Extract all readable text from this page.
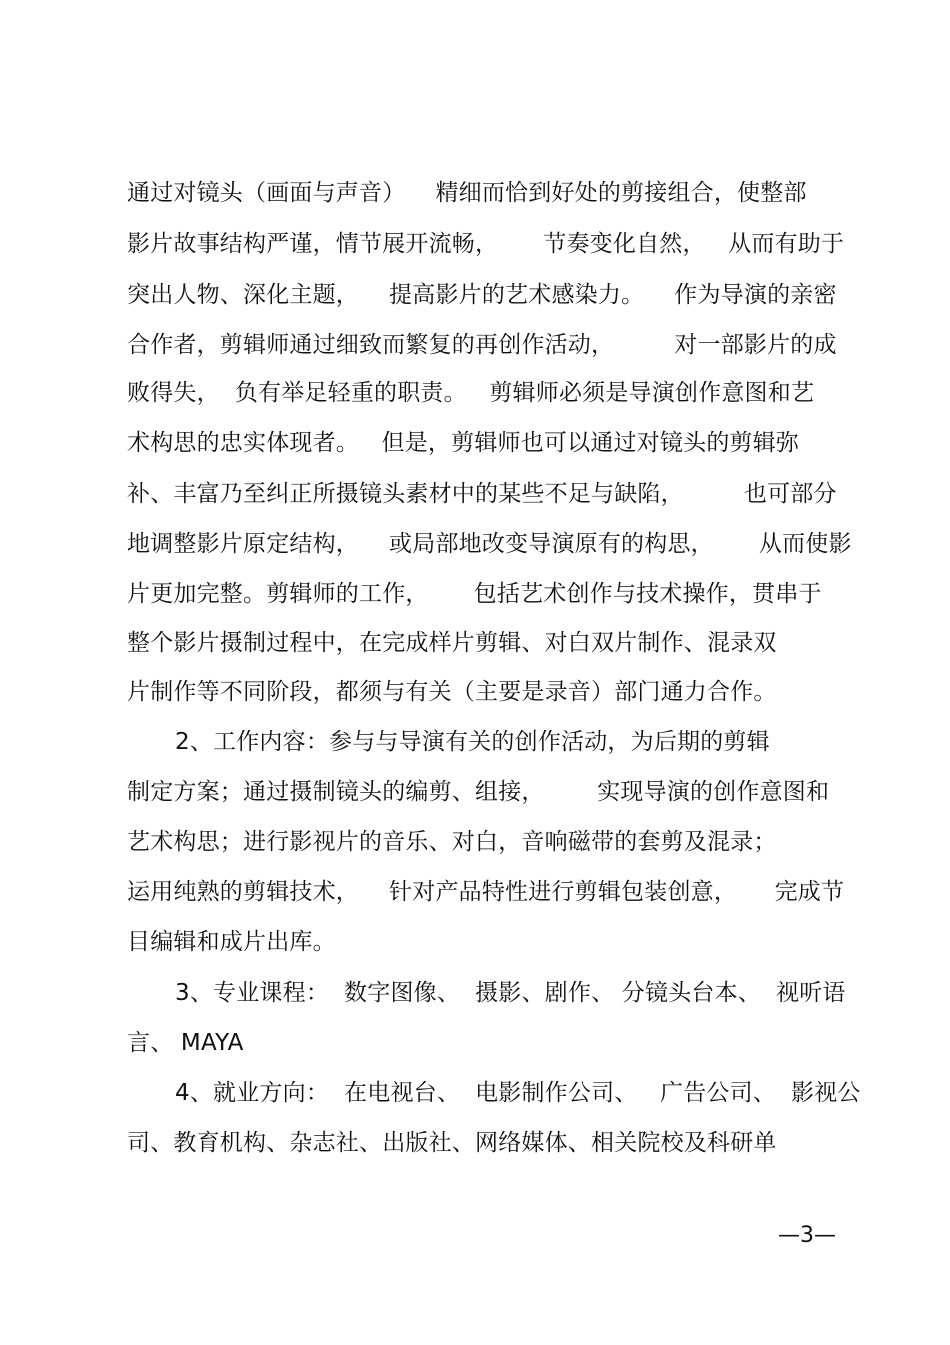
通过对镜头（画面与声音）    精细而恰到好处的剪接组合，使整部
影片故事结构严谨，情节展开流畅，      节奏变化自然，   从而有助于
突出人物、深化主题，    提高影片的艺术感染力。    作为导演的亲密
合作者，剪辑师通过细致而繁复的再创作活动，        对一部影片的成
败得失，  负有举足轻重的职责。   剪辑师必须是导演创作意图和艺
术构思的忠实体现者。   但是，剪辑师也可以通过对镜头的剪辑弥
补、丰富乃至纠正所摄镜头素材中的某些不足与缺陷，        也可部分
地调整影片原定结构，    或局部地改变导演原有的构思，      从而使影
片更加完整。剪辑师的工作，      包括艺术创作与技术操作，贯串于
整个影片摄制过程中，在完成样片剪辑、对白双片制作、混录双
片制作等不同阶段，都须与有关（主要是录音）部门通力合作。
2、工作内容：参与与导演有关的创作活动，为后期的剪辑
制定方案；通过摄制镜头的编剪、组接，       实现导演的创作意图和
艺术构思；进行影视片的音乐、对白，音响磁带的套剪及混录；
运用纯熟的剪辑技术，    针对产品特性进行剪辑包装创意，     完成节
目编辑和成片出库。
3、专业课程：  数字图像、  摄影、剧作、 分镜头台本、  视听语
言、 MAYA
4、就业方向：  在电视台、  电影制作公司、   广告公司、  影视公
司、教育机构、杂志社、出版社、网络媒体、相关院校及科研单
—3—
